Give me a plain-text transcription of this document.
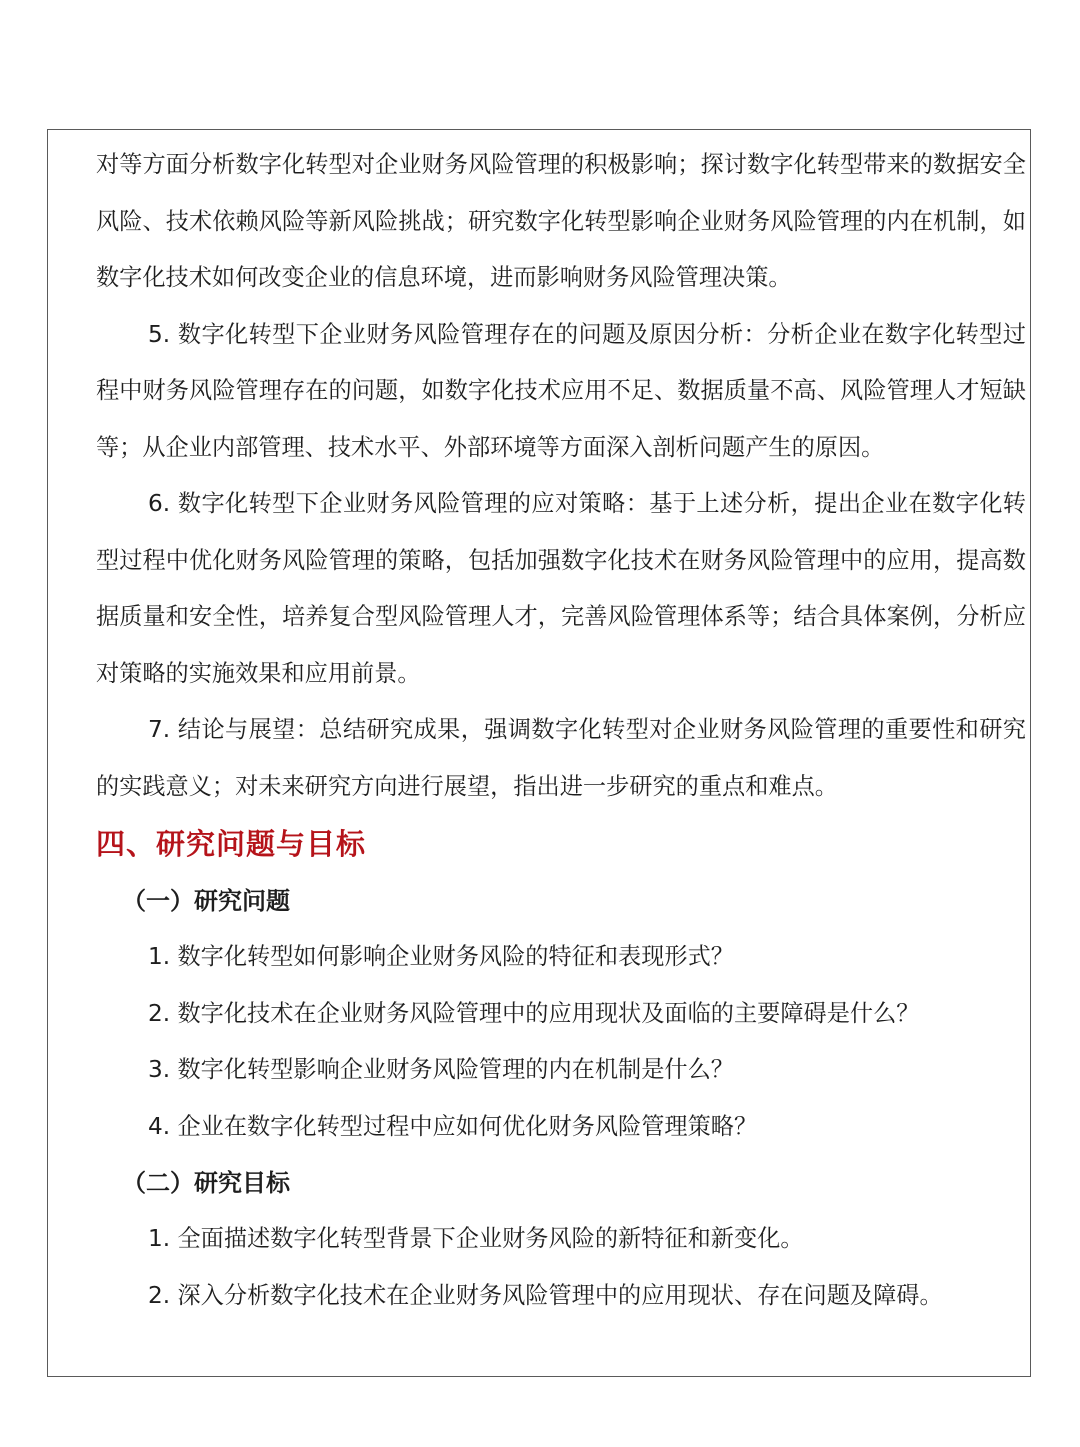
对等方面分析数字化转型对企业财务风险管理的积极影响；探讨数字化转型带来的数据安全风险、技术依赖风险等新风险挑战；研究数字化转型影响企业财务风险管理的内在机制，如数字化技术如何改变企业的信息环境，进而影响财务风险管理决策。

5. 数字化转型下企业财务风险管理存在的问题及原因分析：分析企业在数字化转型过程中财务风险管理存在的问题，如数字化技术应用不足、数据质量不高、风险管理人才短缺等；从企业内部管理、技术水平、外部环境等方面深入剖析问题产生的原因。

6. 数字化转型下企业财务风险管理的应对策略：基于上述分析，提出企业在数字化转型过程中优化财务风险管理的策略，包括加强数字化技术在财务风险管理中的应用，提高数据质量和安全性，培养复合型风险管理人才，完善风险管理体系等；结合具体案例，分析应对策略的实施效果和应用前景。

7. 结论与展望：总结研究成果，强调数字化转型对企业财务风险管理的重要性和研究的实践意义；对未来研究方向进行展望，指出进一步研究的重点和难点。

四、研究问题与目标
（一）研究问题

1. 数字化转型如何影响企业财务风险的特征和表现形式？

2. 数字化技术在企业财务风险管理中的应用现状及面临的主要障碍是什么？

3. 数字化转型影响企业财务风险管理的内在机制是什么？

4. 企业在数字化转型过程中应如何优化财务风险管理策略？

（二）研究目标

1. 全面描述数字化转型背景下企业财务风险的新特征和新变化。

2. 深入分析数字化技术在企业财务风险管理中的应用现状、存在问题及障碍。
